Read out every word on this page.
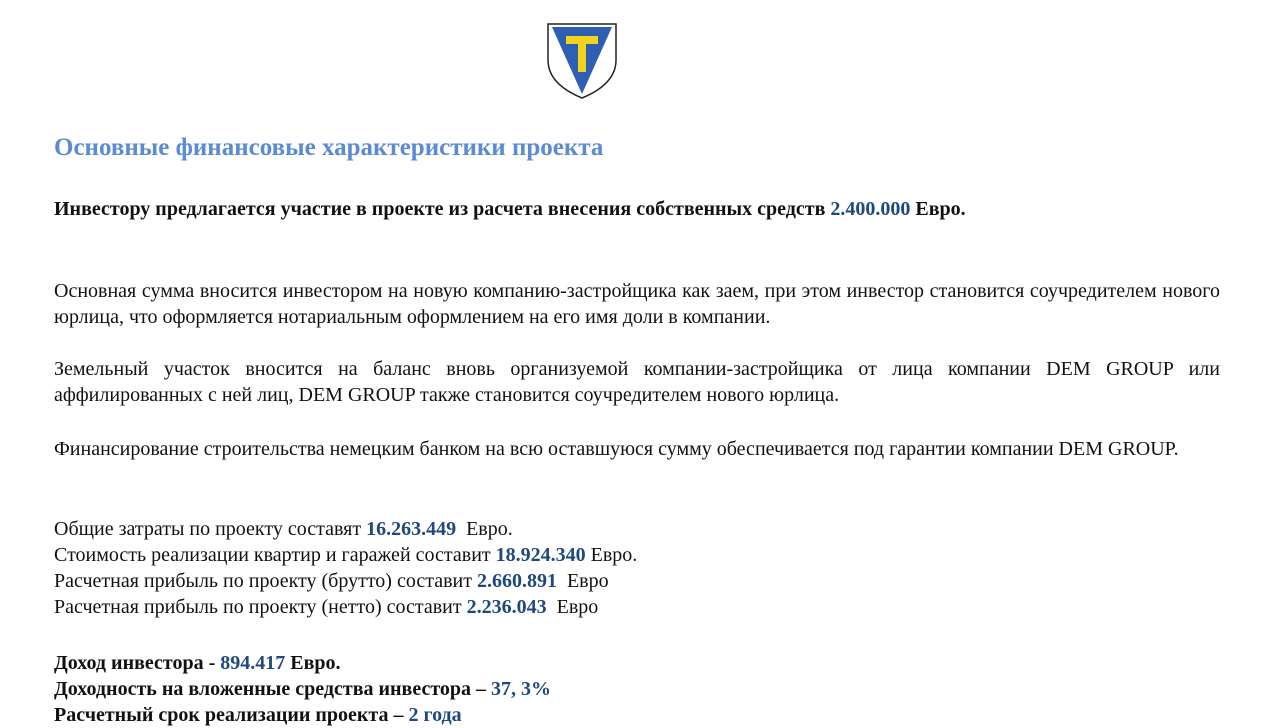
Основные финансовые характеристики проекта

Инвестору предлагается участие в проекте из расчета внесения собственных средств 2.400.000 Евро.

Основная сумма вносится инвестором на новую компанию-застройщика как заем, при этом инвестор становится соучредителем нового юрлица, что оформляется нотариальным оформлением на его имя доли в компании.

Земельный участок вносится на баланс вновь организуемой компании-застройщика от лица компании DEM GROUP или аффилированных с ней лиц, DEM GROUP также становится соучредителем нового юрлица.

Финансирование строительства немецким банком на всю оставшуюся сумму обеспечивается под гарантии компании DEM GROUP.

Общие затраты по проекту составят 16.263.449 Евро.

Стоимость реализации квартир и гаражей составит 18.924.340 Евро.

Расчетная прибыль по проекту (брутто) составит 2.660.891 Евро

Расчетная прибыль по проекту (нетто) составит 2.236.043 Евро

Доход инвестора - 894.417 Евро.

Доходность на вложенные средства инвестора – 37, 3%

Расчетный срок реализации проекта – 2 года
